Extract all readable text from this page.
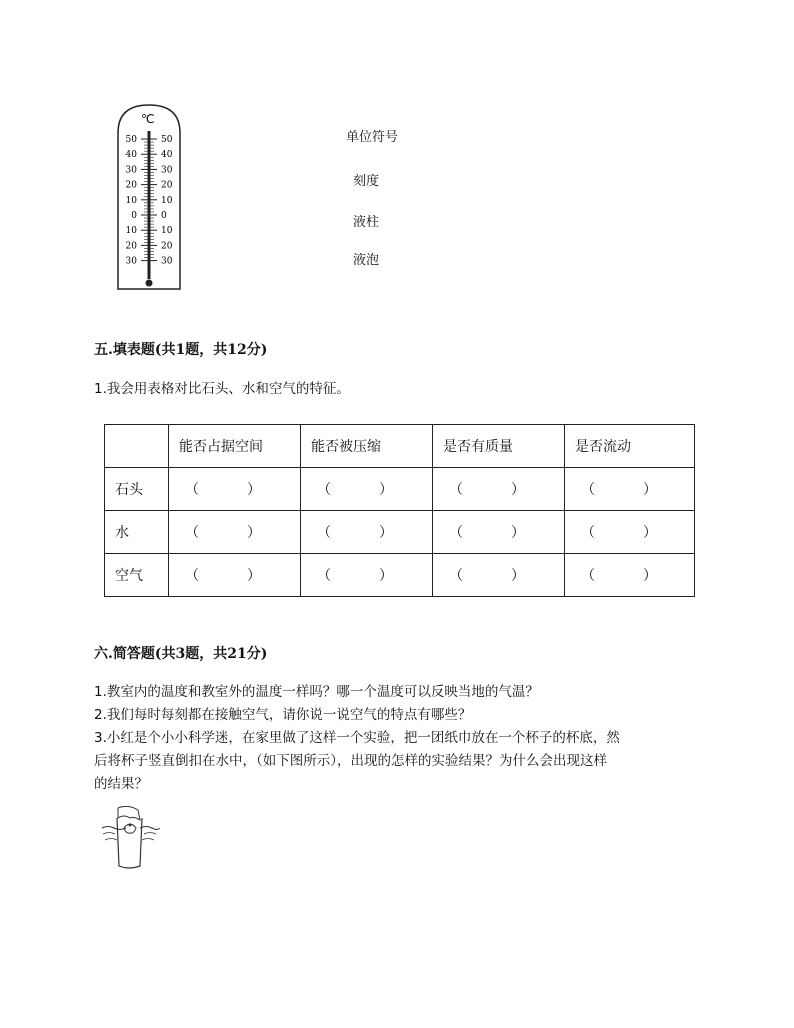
℃
50
40
30
20
10
0
10
20
30
50
40
30
20
10
0
10
20
30
单位符号
刻度
液柱
液泡
五.填表题(共1题，共12分)
1.我会用表格对比石头、水和空气的特征。
	能否占据空间	能否被压缩	是否有质量	是否流动
石头	（ ）	（ ）	（ ）	（ ）
水	（ ）	（ ）	（ ）	（ ）
空气	（ ）	（ ）	（ ）	（ ）
六.简答题(共3题，共21分)
1.教室内的温度和教室外的温度一样吗？哪一个温度可以反映当地的气温？
2.我们每时每刻都在接触空气，请你说一说空气的特点有哪些？
3.小红是个小小科学迷，在家里做了这样一个实验，把一团纸巾放在一个杯子的杯底，然
后将杯子竖直倒扣在水中，（如下图所示），出现的怎样的实验结果？为什么会出现这样
的结果？
